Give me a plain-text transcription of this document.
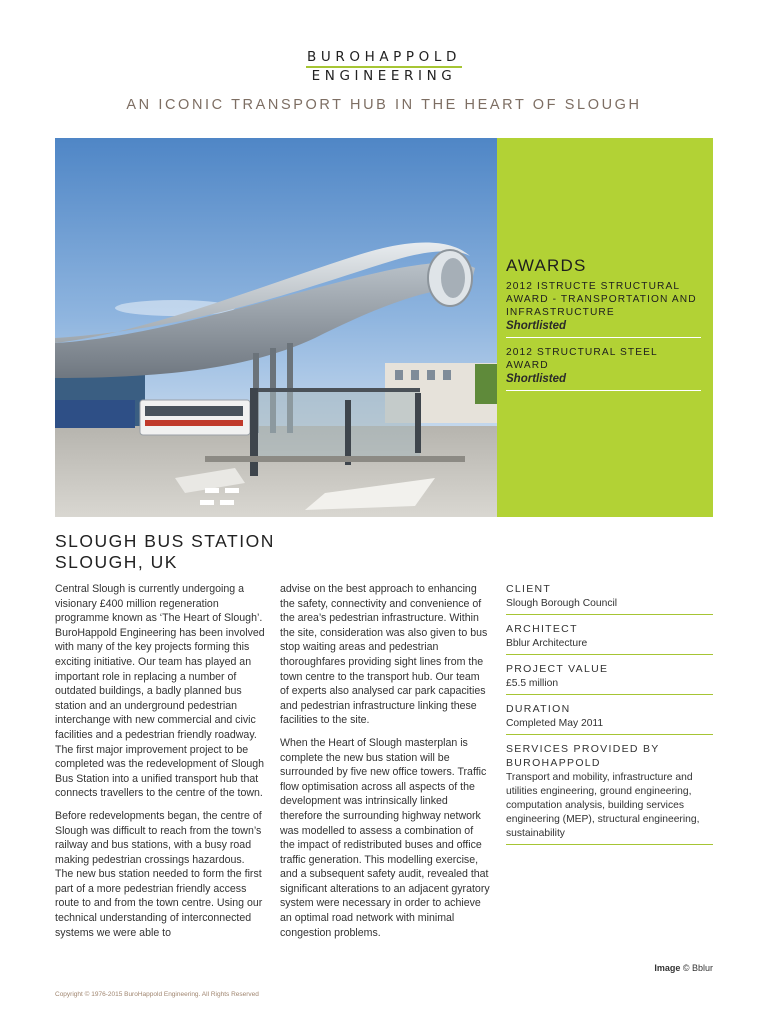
BUROHAPPOLD
ENGINEERING
AN ICONIC TRANSPORT HUB IN THE HEART OF SLOUGH
AWARDS
2012 ISTRUCTE STRUCTURAL AWARD - TRANSPORTATION AND INFRASTRUCTURE
Shortlisted
2012 STRUCTURAL STEEL AWARD
Shortlisted
SLOUGH BUS STATION
SLOUGH, UK

Central Slough is currently undergoing a visionary £400 million regeneration programme known as ‘The Heart of Slough’. BuroHappold Engineering has been involved with many of the key projects forming this exciting initiative. Our team has played an important role in replacing a number of outdated buildings, a badly planned bus station and an underground pedestrian interchange with new commercial and civic facilities and a pedestrian friendly roadway. The first major improvement project to be completed was the redevelopment of Slough Bus Station into a unified transport hub that connects travellers to the centre of the town.

Before redevelopments began, the centre of Slough was difficult to reach from the town’s railway and bus stations, with a busy road making pedestrian crossings hazardous. The new bus station needed to form the first part of a more pedestrian friendly access route to and from the town centre. Using our technical understanding of interconnected systems we were able to

advise on the best approach to enhancing the safety, connectivity and convenience of the area’s pedestrian infrastructure. Within the site, consideration was also given to bus stop waiting areas and pedestrian thoroughfares providing sight lines from the town centre to the transport hub. Our team of experts also analysed car park capacities and pedestrian infrastructure linking these facilities to the site.

When the Heart of Slough masterplan is complete the new bus station will be surrounded by five new office towers. Traffic flow optimisation across all aspects of the development was intrinsically linked therefore the surrounding highway network was modelled to assess a combination of the impact of redistributed buses and office traffic generation. This modelling exercise, and a subsequent safety audit, revealed that significant alterations to an adjacent gyratory system were necessary in order to achieve an optimal road network with minimal congestion problems.

CLIENT
Slough Borough Council
ARCHITECT
Bblur Architecture
PROJECT VALUE
£5.5 million
DURATION
Completed May 2011
SERVICES PROVIDED BY BUROHAPPOLD
Transport and mobility, infrastructure and utilities engineering, ground engineering, computation analysis, building services engineering (MEP), structural engineering, sustainability
Image © Bblur
Copyright © 1976-2015 BuroHappold Engineering. All Rights Reserved
